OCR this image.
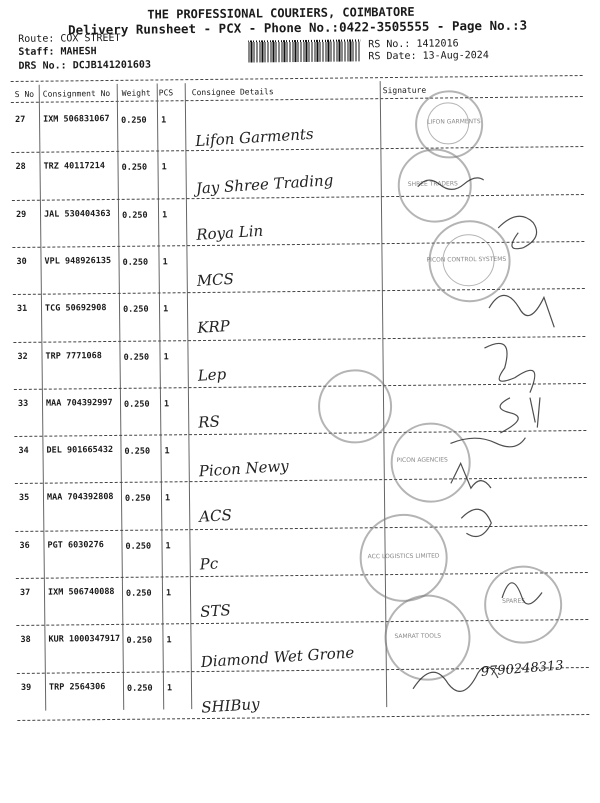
THE PROFESSIONAL COURIERS, COIMBATORE
Delivery Runsheet - PCX - Phone No.:0422-3505555 - Page No.:3
Route: COX STREET
Staff: MAHESH
DRS No.: DCJB141201603
RS No.: 1412016
RS Date: 13-Aug-2024
S No Consignment No Weight PCS Consignee Details	Signature
27 IXM 506831067 0.250 1
Lifon Garments
28 TRZ 40117214 0.250 1
Jay Shree Trading
29 JAL 530404363 0.250 1
Roya Lin
30 VPL 948926135 0.250 1
MCS
31 TCG 50692908 0.250 1
KRP
32 TRP 7771068	0.250 1
Lep
33 MAA 704392997 0.250 1
RS
34 DEL 901665432 0.250 1
Picon Newy
35 MAA 704392808 0.250 1
ACS
36 PGT 6030276	0.250 1
Pc
37 IXM 506740088 0.250 1
STS
38 KUR 1000347917 0.250 1
Diamond Wet Grone
39 TRP 2564306	0.250 1
SHIBuy
LIFON GARMENTS
SHREE TRADERS
PICON CONTROL SYSTEMS
PICON AGENCIES
ACC LOGISTICS LIMITED
SPARES
SAMRAT TOOLS
9790248313
